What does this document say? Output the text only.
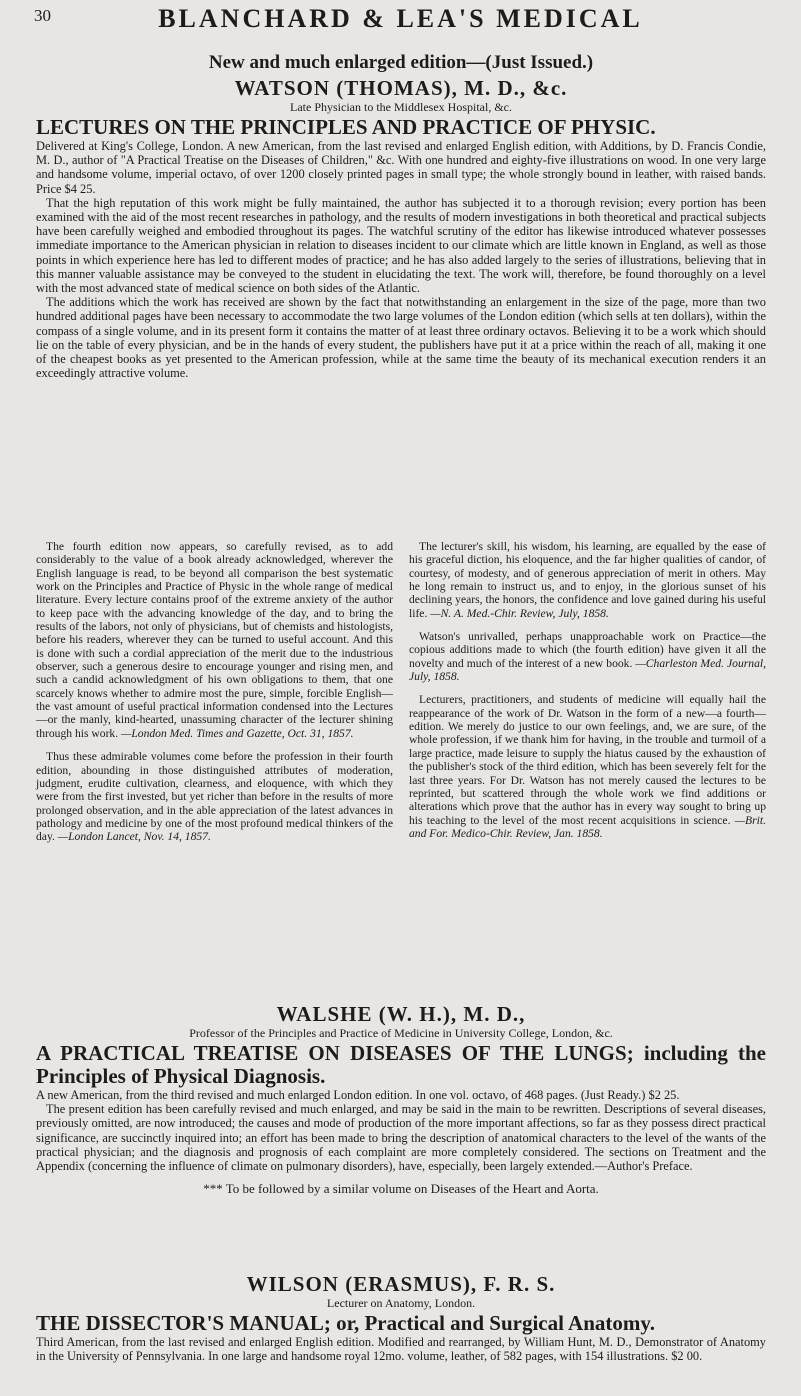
30	BLANCHARD & LEA'S MEDICAL
New and much enlarged edition—(Just Issued.)
WATSON (THOMAS), M. D., &c.
Late Physician to the Middlesex Hospital, &c.
LECTURES ON THE PRINCIPLES AND PRACTICE OF PHYSIC.
Delivered at King's College, London. A new American, from the last revised and enlarged English edition, with Additions, by D. Francis Condie, M. D., author of "A Practical Treatise on the Diseases of Children," &c. With one hundred and eighty-five illustrations on wood. In one very large and handsome volume, imperial octavo, of over 1200 closely printed pages in small type; the whole strongly bound in leather, with raised bands. Price $4 25.
That the high reputation of this work might be fully maintained, the author has subjected it to a thorough revision; every portion has been examined with the aid of the most recent researches in pathology, and the results of modern investigations in both theoretical and practical subjects have been carefully weighed and embodied throughout its pages. The watchful scrutiny of the editor has likewise introduced whatever possesses immediate importance to the American physician in relation to diseases incident to our climate which are little known in England, as well as those points in which experience here has led to different modes of practice; and he has also added largely to the series of illustrations, believing that in this manner valuable assistance may be conveyed to the student in elucidating the text. The work will, therefore, be found thoroughly on a level with the most advanced state of medical science on both sides of the Atlantic.
The additions which the work has received are shown by the fact that notwithstanding an enlargement in the size of the page, more than two hundred additional pages have been necessary to accommodate the two large volumes of the London edition (which sells at ten dollars), within the compass of a single volume, and in its present form it contains the matter of at least three ordinary octavos. Believing it to be a work which should lie on the table of every physician, and be in the hands of every student, the publishers have put it at a price within the reach of all, making it one of the cheapest books as yet presented to the American profession, while at the same time the beauty of its mechanical execution renders it an exceedingly attractive volume.

The fourth edition now appears, so carefully revised, as to add considerably to the value of a book already acknowledged, wherever the English language is read, to be beyond all comparison the best systematic work on the Principles and Practice of Physic in the whole range of medical literature. Every lecture contains proof of the extreme anxiety of the author to keep pace with the advancing knowledge of the day, and to bring the results of the labors, not only of physicians, but of chemists and histologists, before his readers, wherever they can be turned to useful account. And this is done with such a cordial appreciation of the merit due to the industrious observer, such a generous desire to encourage younger and rising men, and such a candid acknowledgment of his own obligations to them, that one scarcely knows whether to admire most the pure, simple, forcible English—the vast amount of useful practical information condensed into the Lectures—or the manly, kind-hearted, unassuming character of the lecturer shining through his work. —London Med. Times and Gazette, Oct. 31, 1857.

Thus these admirable volumes come before the profession in their fourth edition, abounding in those distinguished attributes of moderation, judgment, erudite cultivation, clearness, and eloquence, with which they were from the first invested, but yet richer than before in the results of more prolonged observation, and in the able appreciation of the latest advances in pathology and medicine by one of the most profound medical thinkers of the day. —London Lancet, Nov. 14, 1857.

The lecturer's skill, his wisdom, his learning, are equalled by the ease of his graceful diction, his eloquence, and the far higher qualities of candor, of courtesy, of modesty, and of generous appreciation of merit in others. May he long remain to instruct us, and to enjoy, in the glorious sunset of his declining years, the honors, the confidence and love gained during his useful life. —N. A. Med.-Chir. Review, July, 1858.

Watson's unrivalled, perhaps unapproachable work on Practice—the copious additions made to which (the fourth edition) have given it all the novelty and much of the interest of a new book. —Charleston Med. Journal, July, 1858.

Lecturers, practitioners, and students of medicine will equally hail the reappearance of the work of Dr. Watson in the form of a new—a fourth—edition. We merely do justice to our own feelings, and, we are sure, of the whole profession, if we thank him for having, in the trouble and turmoil of a large practice, made leisure to supply the hiatus caused by the exhaustion of the publisher's stock of the third edition, which has been severely felt for the last three years. For Dr. Watson has not merely caused the lectures to be reprinted, but scattered through the whole work we find additions or alterations which prove that the author has in every way sought to bring up his teaching to the level of the most recent acquisitions in science. —Brit. and For. Medico-Chir. Review, Jan. 1858.

WALSHE (W. H.), M. D.,
Professor of the Principles and Practice of Medicine in University College, London, &c.
A PRACTICAL TREATISE ON DISEASES OF THE LUNGS; including the Principles of Physical Diagnosis.
A new American, from the third revised and much enlarged London edition. In one vol. octavo, of 468 pages. (Just Ready.) $2 25.
The present edition has been carefully revised and much enlarged, and may be said in the main to be rewritten. Descriptions of several diseases, previously omitted, are now introduced; the causes and mode of production of the more important affections, so far as they possess direct practical significance, are succinctly inquired into; an effort has been made to bring the description of anatomical characters to the level of the wants of the practical physician; and the diagnosis and prognosis of each complaint are more completely considered. The sections on Treatment and the Appendix (concerning the influence of climate on pulmonary disorders), have, especially, been largely extended.—Author's Preface.
*** To be followed by a similar volume on Diseases of the Heart and Aorta.
WILSON (ERASMUS), F. R. S.
Lecturer on Anatomy, London.
THE DISSECTOR'S MANUAL; or, Practical and Surgical Anatomy.
Third American, from the last revised and enlarged English edition. Modified and rearranged, by William Hunt, M. D., Demonstrator of Anatomy in the University of Pennsylvania. In one large and handsome royal 12mo. volume, leather, of 582 pages, with 154 illustrations. $2 00.
